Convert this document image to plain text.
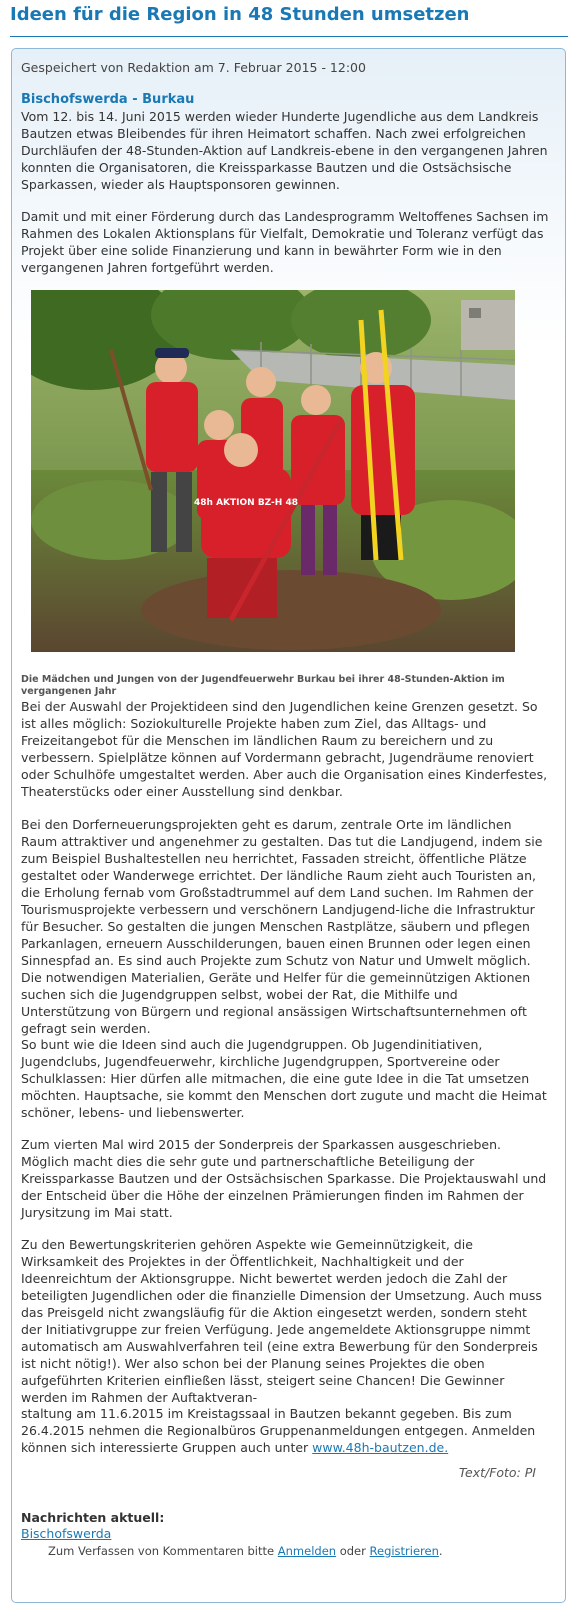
Ideen für die Region in 48 Stunden umsetzen
Gespeichert von Redaktion am 7. Februar 2015 - 12:00
Bischofswerda - Burkau

Vom 12. bis 14. Juni 2015 werden wieder Hunderte Jugendliche aus dem Landkreis Bautzen etwas Bleibendes für ihren Heimatort schaffen. Nach zwei erfolgreichen Durchläufen der 48-Stunden-Aktion auf Landkreis-ebene in den vergangenen Jahren konnten die Organisatoren, die Kreissparkasse Bautzen und die Ostsächsische Sparkassen, wieder als Hauptsponsoren gewinnen.

Damit und mit einer Förderung durch das Landesprogramm Weltoffenes Sachsen im Rahmen des Lokalen Aktionsplans für Vielfalt, Demokratie und Toleranz verfügt das Projekt über eine solide Finanzierung und kann in bewährter Form wie in den vergangenen Jahren fortgeführt werden.

48h AKTION BZ-H 48
Die Mädchen und Jungen von der Jugendfeuerwehr Burkau bei ihrer 48-Stunden-Aktion im vergangenen Jahr

Bei der Auswahl der Projektideen sind den Jugendlichen keine Grenzen gesetzt. So ist alles möglich: Soziokulturelle Projekte haben zum Ziel, das Alltags- und Freizeitangebot für die Menschen im ländlichen Raum zu bereichern und zu verbessern. Spielplätze können auf Vordermann gebracht, Jugendräume renoviert oder Schulhöfe umgestaltet werden. Aber auch die Organisation eines Kinderfestes, Theaterstücks oder einer Ausstellung sind denkbar.

Bei den Dorferneuerungsprojekten geht es darum, zentrale Orte im ländlichen Raum attraktiver und angenehmer zu gestalten. Das tut die Landjugend, indem sie zum Beispiel Bushaltestellen neu herrichtet, Fassaden streicht, öffentliche Plätze gestaltet oder Wanderwege errichtet. Der ländliche Raum zieht auch Touristen an, die Erholung fernab vom Großstadtrummel auf dem Land suchen. Im Rahmen der Tourismusprojekte verbessern und verschönern Landjugend-liche die Infrastruktur für Besucher. So gestalten die jungen Menschen Rastplätze, säubern und pflegen Parkanlagen, erneuern Ausschilderungen, bauen einen Brunnen oder legen einen Sinnespfad an. Es sind auch Projekte zum Schutz von Natur und Umwelt möglich. Die notwendigen Materialien, Geräte und Helfer für die gemeinnützigen Aktionen suchen sich die Jugendgruppen selbst, wobei der Rat, die Mithilfe und Unterstützung von Bürgern und regional ansässigen Wirtschaftsunternehmen oft gefragt sein werden.

So bunt wie die Ideen sind auch die Jugendgruppen. Ob Jugendinitiativen, Jugendclubs, Jugendfeuerwehr, kirchliche Jugendgruppen, Sportvereine oder Schulklassen: Hier dürfen alle mitmachen, die eine gute Idee in die Tat umsetzen möchten. Hauptsache, sie kommt den Menschen dort zugute und macht die Heimat schöner, lebens- und liebenswerter.

Zum vierten Mal wird 2015 der Sonderpreis der Sparkassen ausgeschrieben. Möglich macht dies die sehr gute und partnerschaftliche Beteiligung der Kreissparkasse Bautzen und der Ostsächsischen Sparkasse. Die Projektauswahl und der Entscheid über die Höhe der einzelnen Prämierungen finden im Rahmen der Jurysitzung im Mai statt.

Zu den Bewertungskriterien gehören Aspekte wie Gemeinnützigkeit, die Wirksamkeit des Projektes in der Öffentlichkeit, Nachhaltigkeit und der Ideenreichtum der Aktionsgruppe. Nicht bewertet werden jedoch die Zahl der beteiligten Jugendlichen oder die finanzielle Dimension der Umsetzung. Auch muss das Preisgeld nicht zwangsläufig für die Aktion eingesetzt werden, sondern steht der Initiativgruppe zur freien Verfügung. Jede angemeldete Aktionsgruppe nimmt automatisch am Auswahlverfahren teil (eine extra Bewerbung für den Sonderpreis ist nicht nötig!). Wer also schon bei der Planung seines Projektes die oben aufgeführten Kriterien einfließen lässt, steigert seine Chancen! Die Gewinner werden im Rahmen der Auftaktveran-

staltung am 11.6.2015 im Kreistagssaal in Bautzen bekannt gegeben. Bis zum 26.4.2015 nehmen die Regionalbüros Gruppenanmeldungen entgegen. Anmelden können sich interessierte Gruppen auch unter www.48h-bautzen.de.

Text/Foto: PI
Nachrichten aktuell:
Bischofswerda
Zum Verfassen von Kommentaren bitte Anmelden oder Registrieren.
